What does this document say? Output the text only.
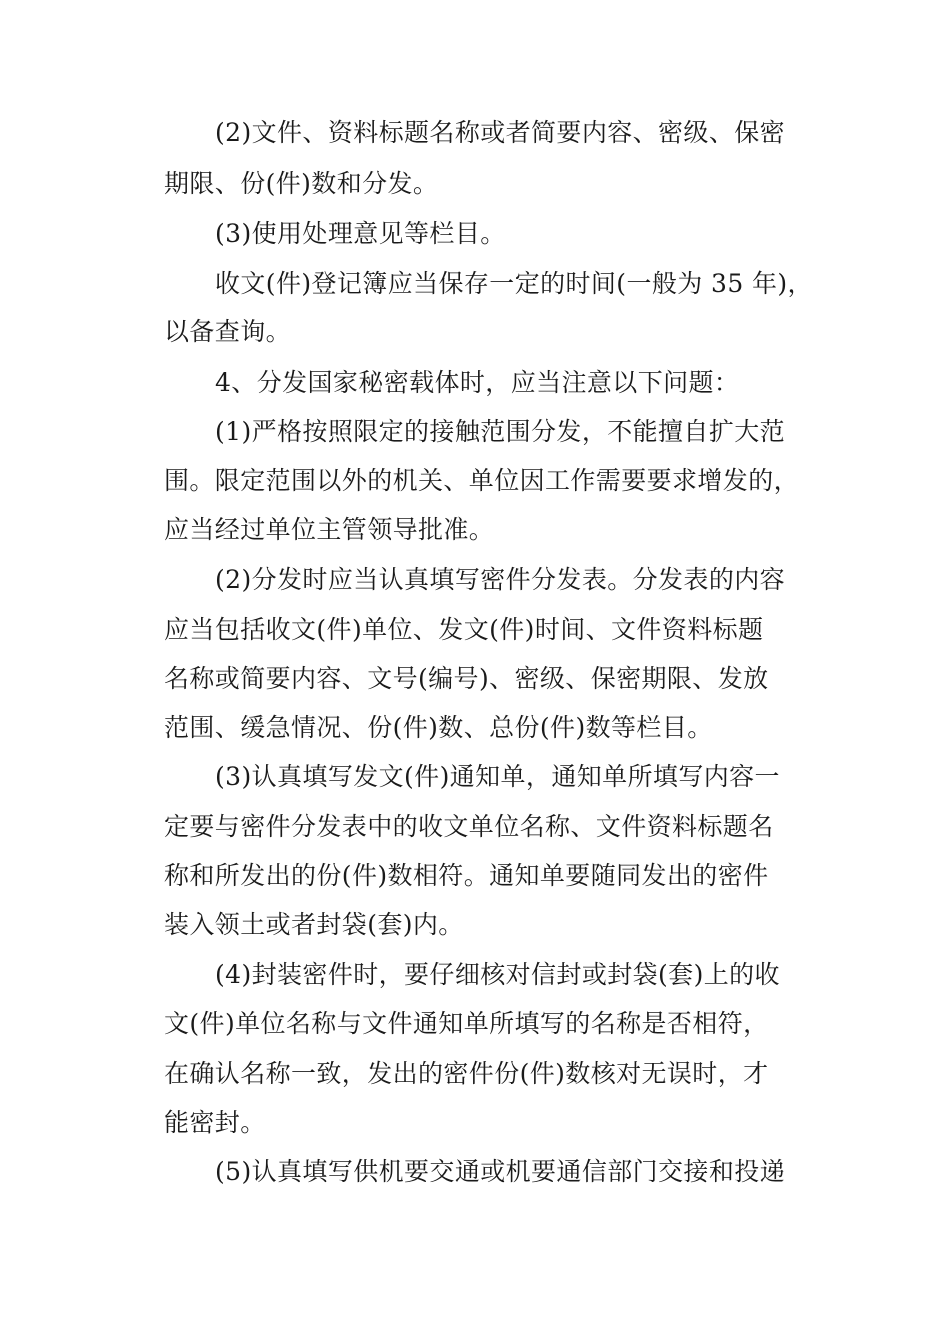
(2)文件、资料标题名称或者简要内容、密级、保密
期限、份(件)数和分发。
(3)使用处理意见等栏目。
收文(件)登记簿应当保存一定的时间(一般为 35 年)，
以备查询。
4、分发国家秘密载体时，应当注意以下问题：
(1)严格按照限定的接触范围分发，不能擅自扩大范
围。限定范围以外的机关、单位因工作需要要求增发的，
应当经过单位主管领导批准。
(2)分发时应当认真填写密件分发表。分发表的内容
应当包括收文(件)单位、发文(件)时间、文件资料标题
名称或简要内容、文号(编号)、密级、保密期限、发放
范围、缓急情况、份(件)数、总份(件)数等栏目。
(3)认真填写发文(件)通知单，通知单所填写内容一
定要与密件分发表中的收文单位名称、文件资料标题名
称和所发出的份(件)数相符。通知单要随同发出的密件
装入领土或者封袋(套)内。
(4)封装密件时，要仔细核对信封或封袋(套)上的收
文(件)单位名称与文件通知单所填写的名称是否相符，
在确认名称一致，发出的密件份(件)数核对无误时，才
能密封。
(5)认真填写供机要交通或机要通信部门交接和投递
